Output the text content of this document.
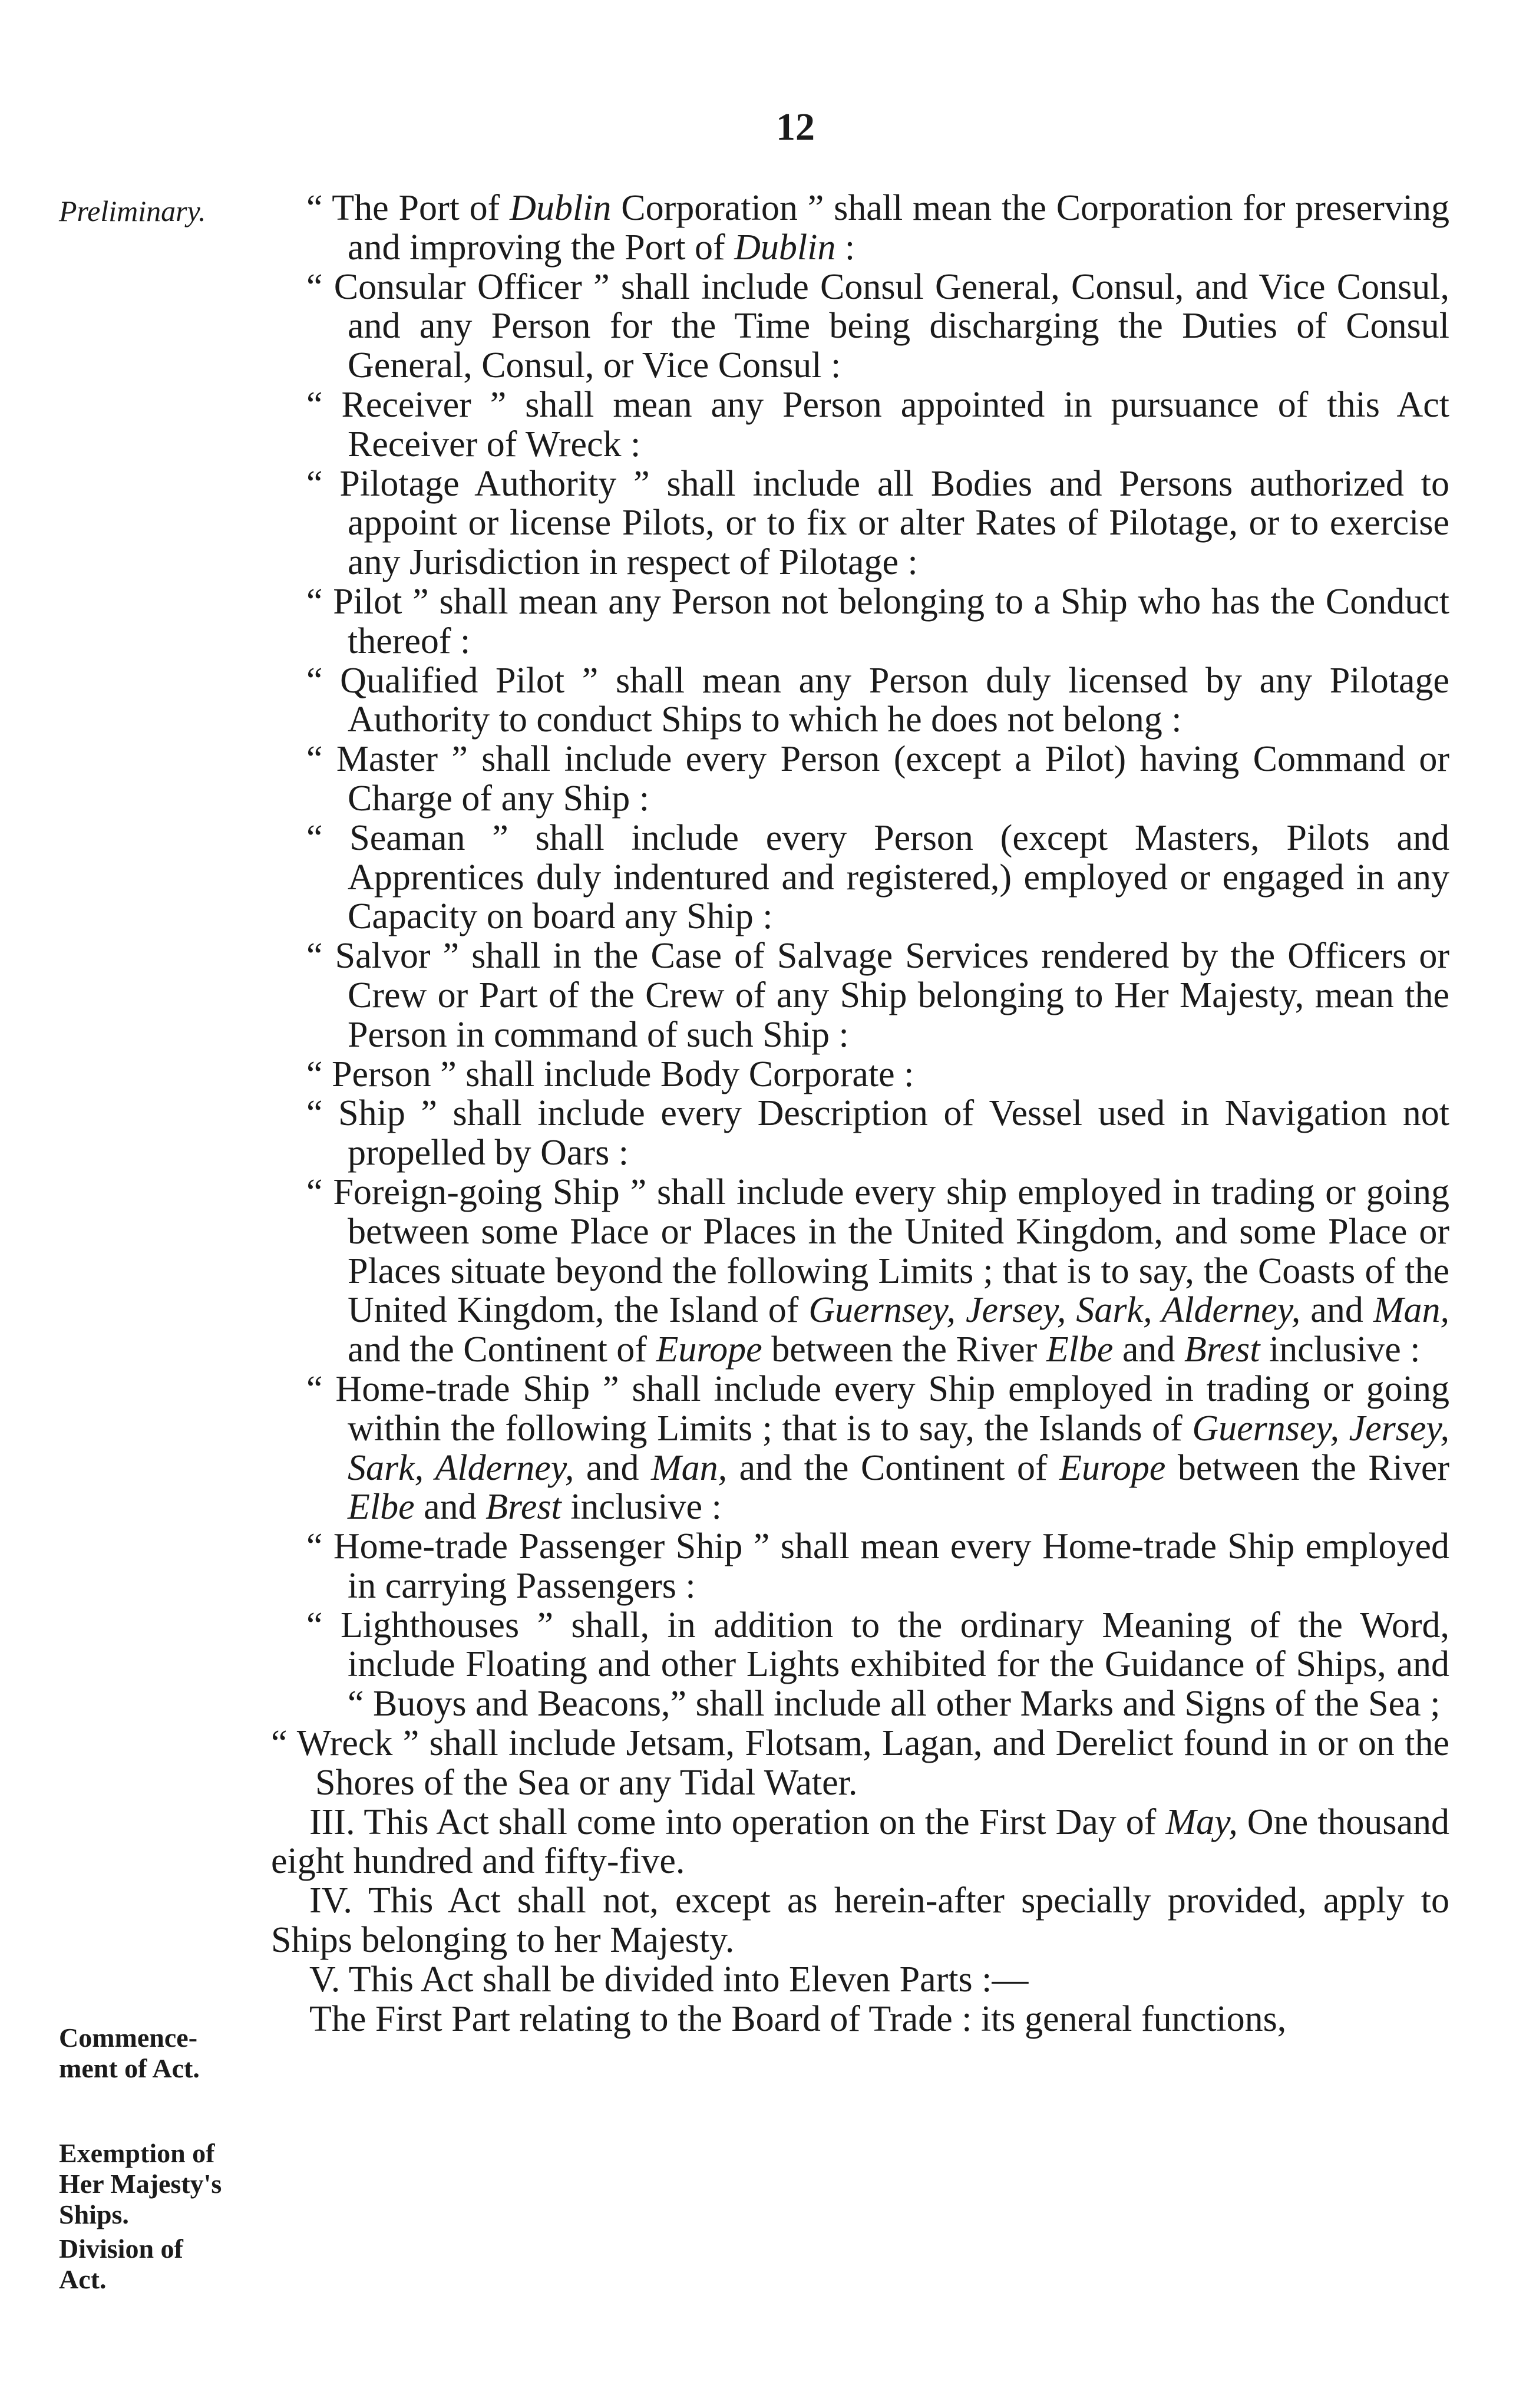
12
Preliminary.
Commence-
ment of Act.
Exemption of
Her Majesty's
Ships.
Division of
Act.
“ The Port of Dublin Corporation ” shall mean the Corporation for preserving and improving the Port of Dublin :
“ Consular Officer ” shall include Consul General, Consul, and Vice Consul, and any Person for the Time being discharging the Duties of Consul General, Consul, or Vice Consul :
“ Receiver ” shall mean any Person appointed in pursuance of this Act Receiver of Wreck :
“ Pilotage Authority ” shall include all Bodies and Persons authorized to appoint or license Pilots, or to fix or alter Rates of Pilotage, or to exercise any Jurisdiction in respect of Pilotage :
“ Pilot ” shall mean any Person not belonging to a Ship who has the Conduct thereof :
“ Qualified Pilot ” shall mean any Person duly licensed by any Pilotage Authority to conduct Ships to which he does not belong :
“ Master ” shall include every Person (except a Pilot) having Command or Charge of any Ship :
“ Seaman ” shall include every Person (except Masters, Pilots and Apprentices duly indentured and registered,) employed or engaged in any Capacity on board any Ship :
“ Salvor ” shall in the Case of Salvage Services rendered by the Officers or Crew or Part of the Crew of any Ship belonging to Her Majesty, mean the Person in command of such Ship :
“ Person ” shall include Body Corporate :
“ Ship ” shall include every Description of Vessel used in Navigation not propelled by Oars :
“ Foreign-going Ship ” shall include every ship employed in trading or going between some Place or Places in the United Kingdom, and some Place or Places situate beyond the following Limits ; that is to say, the Coasts of the United Kingdom, the Island of Guernsey, Jersey, Sark, Alderney, and Man, and the Continent of Europe between the River Elbe and Brest inclusive :
“ Home-trade Ship ” shall include every Ship employed in trading or going within the following Limits ; that is to say, the Islands of Guernsey, Jersey, Sark, Alderney, and Man, and the Continent of Europe between the River Elbe and Brest inclusive :
“ Home-trade Passenger Ship ” shall mean every Home-trade Ship employed in carrying Passengers :
“ Lighthouses ” shall, in addition to the ordinary Meaning of the Word, include Floating and other Lights exhibited for the Guidance of Ships, and “ Buoys and Beacons,” shall include all other Marks and Signs of the Sea ;
“ Wreck ” shall include Jetsam, Flotsam, Lagan, and Derelict found in or on the Shores of the Sea or any Tidal Water.
III. This Act shall come into operation on the First Day of May, One thousand eight hundred and fifty-five.
IV. This Act shall not, except as herein-after specially provided, apply to Ships belonging to her Majesty.
V. This Act shall be divided into Eleven Parts :—
The First Part relating to the Board of Trade : its general functions,
